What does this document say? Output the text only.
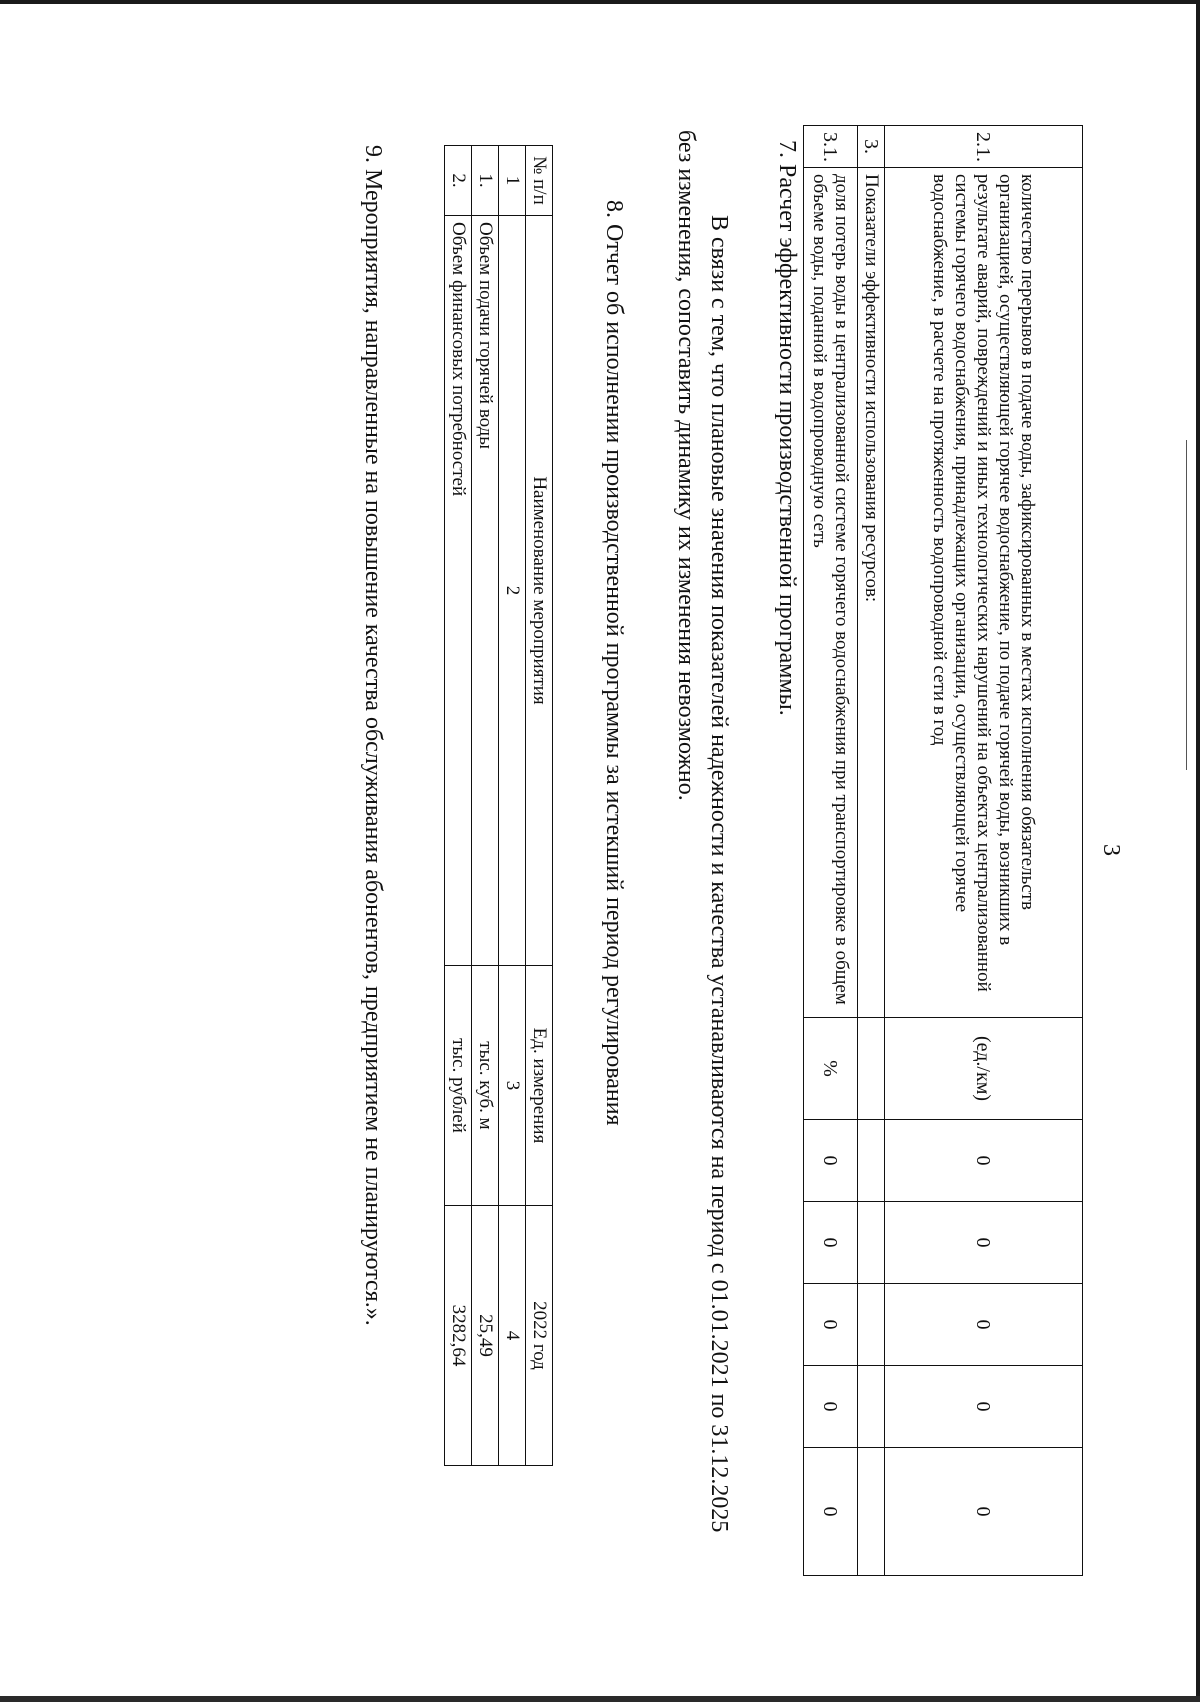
3
2.1.	количество перерывов в подаче воды, зафиксированных в местах исполнения обязательств организацией, осуществляющей горячее водоснабжение, по подаче горячей воды, возникших в результате аварий, повреждений и иных технологических нарушений на объектах централизованной системы горячего водоснабжения, принадлежащих организации, осуществляющей горячее водоснабжение, в расчете на протяженность водопроводной сети в год	(ед./км)	0	0	0	0	0
3.	Показатели эффективности использования ресурсов:						
3.1.	доля потерь воды в централизованной системе горячего водоснабжения при транспортировке в общем объеме воды, поданной в водопроводную сеть	%	0	0	0	0	0
7. Расчет эффективности производственной программы.
В связи с тем, что плановые значения показателей надежности и качества устанавливаются на период с 01.01.2021 по 31.12.2025 без изменения, сопоставить динамику их изменения невозможно.
8. Отчет об исполнении производственной программы за истекший период регулирования
№ п/п	Наименование мероприятия	Ед. измерения	2022 год
1	2	3	4
1.	Объем подачи горячей воды	тыс. куб. м	25,49
2.	Объем финансовых потребностей	тыс. рублей	3282,64
9. Мероприятия, направленные на повышение качества обслуживания абонентов, предприятием не планируются.».
